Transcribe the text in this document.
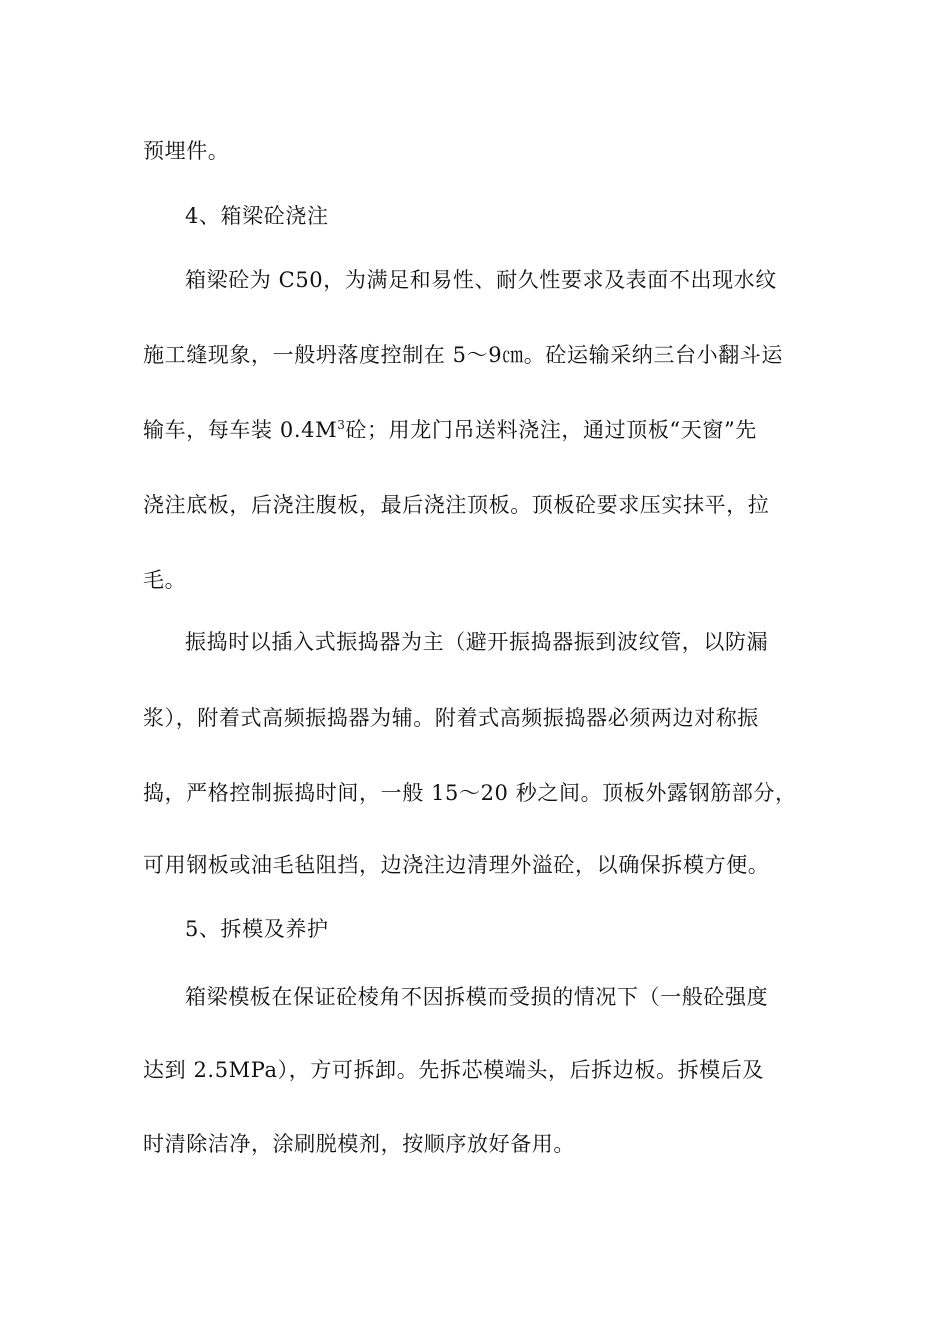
预埋件。
4、箱梁砼浇注
箱梁砼为 C50，为满足和易性、耐久性要求及表面不出现水纹
施工缝现象，一般坍落度控制在 5～9㎝。砼运输采纳三台小翻斗运
输车，每车装 $0.4M^3$砼；用龙门吊送料浇注，通过顶板“天窗”先
浇注底板，后浇注腹板，最后浇注顶板。顶板砼要求压实抹平，拉
毛。
振捣时以插入式振捣器为主（避开振捣器振到波纹管，以防漏
浆），附着式高频振捣器为辅。附着式高频振捣器必须两边对称振
捣，严格控制振捣时间，一般 15～20 秒之间。顶板外露钢筋部分，
可用钢板或油毛毡阻挡，边浇注边清理外溢砼，以确保拆模方便。
5、拆模及养护
箱梁模板在保证砼棱角不因拆模而受损的情况下（一般砼强度
达到 2.5MPa），方可拆卸。先拆芯模端头，后拆边板。拆模后及
时清除洁净，涂刷脱模剂，按顺序放好备用。
